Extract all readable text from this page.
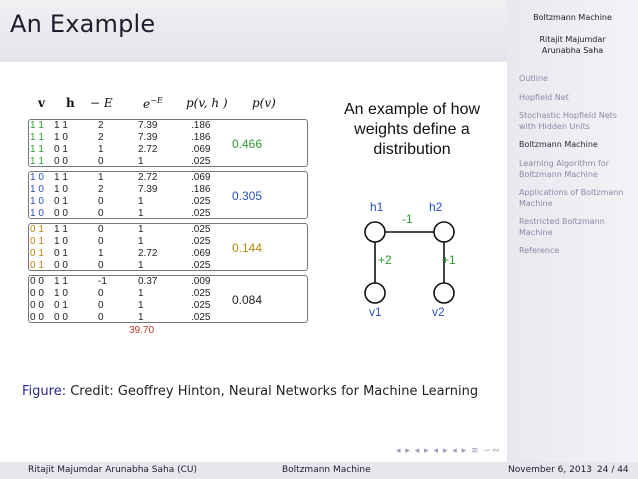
An Example	Boltzmann Machine
Ritajit Majumdar
Arunabha Saha
Outline
Hopfield Net
Stochastic Hopfield Nets with Hidden Units
Boltzmann Machine
Learning Algorithm for Boltzmann Machine
Applications of Boltzmann Machine
Restricted Boltzmann Machine
Reference
v h − E	$e^{-E}$ p(v, h ) p(v)
1 1 1 1	2	7.39	.186
1 1 1 0	2	7.39	.186
1 1 0 1	1	2.72	.069
1 1 0 0	0	1	.025
0.466
1 0 1 1	1	2.72	.069
1 0 1 0	2	7.39	.186
1 0 0 1	0	1	.025
1 0 0 0	0	1	.025
0.305
0 1 1 1	0	1	.025
0 1 1 0	0	1	.025
0 1 0 1	1	2.72	.069
0 1 0 0	0	1	.025
0.144
0 0 1 1	-1	0.37	.009
0 0 1 0	0	1	.025
0 0 0 1	0	1	.025
0 0 0 0	0	1	.025
0.084
39.70
An example of how
weights define a
distribution
h1	h2
v1	v2
-1
+2	+1
Figure: Credit: Geoffrey Hinton, Neural Networks for Machine Learning
◂ ▸ ◂ ▸ ◂ ▸ ◂ ▸ ≡ ∽∾
Ritajit Majumdar Arunabha Saha (CU)	Boltzmann Machine	November 6, 2013 24 / 44
